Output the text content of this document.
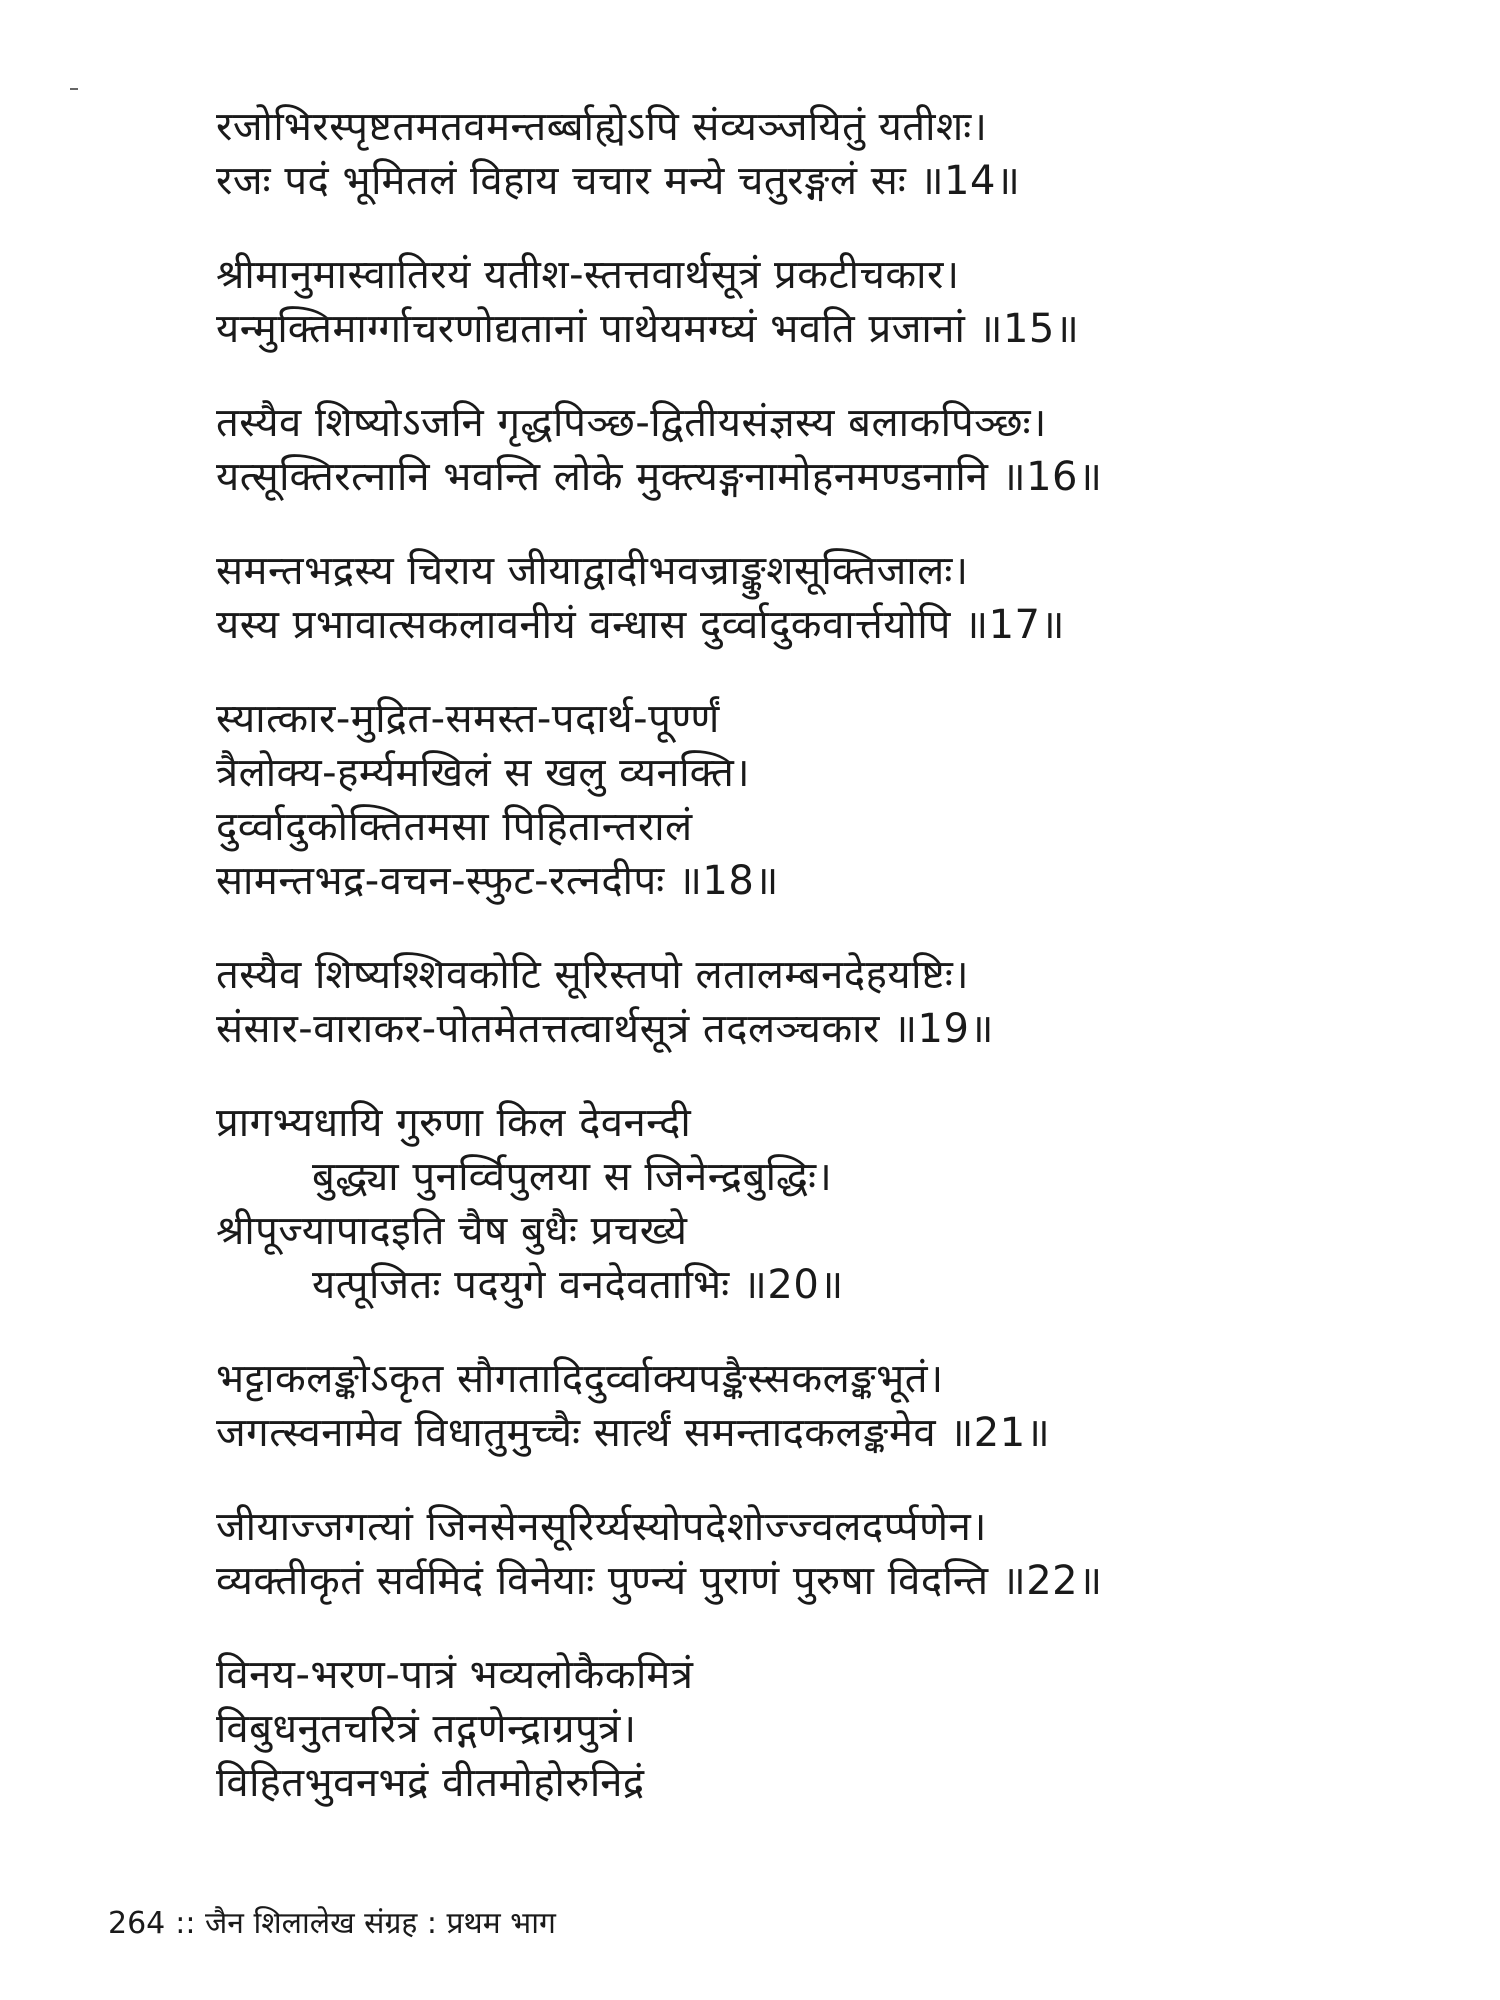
रजोभिरस्पृष्टतमतवमन्तर्ब्बाह्येऽपि संव्यञ्जयितुं यतीशः।
रजः पदं भूमितलं विहाय चचार मन्ये चतुरङ्गलं सः ॥14॥
श्रीमानुमास्वातिरयं यतीश-स्तत्तवार्थसूत्रं प्रकटीचकार।
यन्मुक्तिमार्ग्गाचरणोद्यतानां पाथेयमग्घ्यं भवति प्रजानां ॥15॥
तस्यैव शिष्योऽजनि गृद्धपिञ्छ-द्वितीयसंज्ञस्य बलाकपिञ्छः।
यत्सूक्तिरत्नानि भवन्ति लोके मुक्त्यङ्गनामोहनमण्डनानि ॥16॥
समन्तभद्रस्य चिराय जीयाद्वादीभवज्राङ्कुशसूक्तिजालः।
यस्य प्रभावात्सकलावनीयं वन्धास दुर्व्वादुकवार्त्तयोपि ॥17॥
स्यात्कार-मुद्रित-समस्त-पदार्थ-पूर्ण्णं
त्रैलोक्य-हर्म्यमखिलं स खलु व्यनक्ति।
दुर्व्वादुकोक्तितमसा पिहितान्तरालं
सामन्तभद्र-वचन-स्फुट-रत्नदीपः ॥18॥
तस्यैव शिष्यश्शिवकोटि सूरिस्तपो लतालम्बनदेहयष्टिः।
संसार-वाराकर-पोतमेतत्तत्वार्थसूत्रं तदलञ्चकार ॥19॥
प्रागभ्यधायि गुरुणा किल देवनन्दी
बुद्ध्या पुनर्व्विपुलया स जिनेन्द्रबुद्धिः।
श्रीपूज्यापादइति चैष बुधैः प्रचख्ये
यत्पूजितः पदयुगे वनदेवताभिः ॥20॥
भट्टाकलङ्कोऽकृत सौगतादिदुर्व्वाक्यपङ्कैस्सकलङ्कभूतं।
जगत्स्वनामेव विधातुमुच्चैः सार्त्थं समन्तादकलङ्कमेव ॥21॥
जीयाज्जगत्यां जिनसेनसूरिर्य्यस्योपदेशोज्ज्वलदर्प्पणेन।
व्यक्तीकृतं सर्वमिदं विनेयाः पुण्न्यं पुराणं पुरुषा विदन्ति ॥22॥
विनय-भरण-पात्रं भव्यलोकैकमित्रं
विबुधनुतचरित्रं तद्गणेन्द्राग्रपुत्रं।
विहितभुवनभद्रं वीतमोहोरुनिद्रं
264 :: जैन शिलालेख संग्रह : प्रथम भाग
